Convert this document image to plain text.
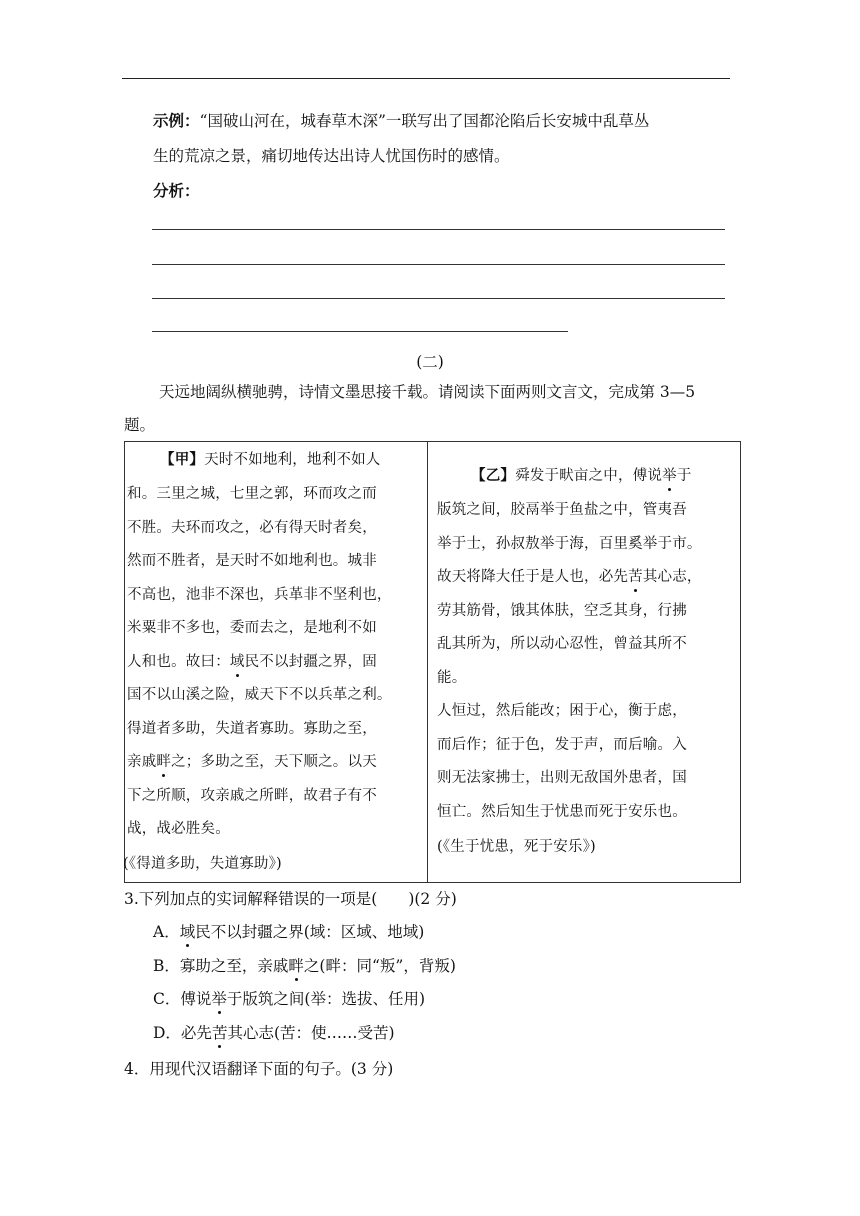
示例：“国破山河在，城春草木深”一联写出了国都沦陷后长安城中乱草丛
生的荒凉之景，痛切地传达出诗人忧国伤时的感情。
分析：
(二)
天远地阔纵横驰骋，诗情文墨思接千载。请阅读下面两则文言文，完成第 3—5
题。
【甲】天时不如地利，地利不如人
和。三里之城，七里之郭，环而攻之而
不胜。夫环而攻之，必有得天时者矣，
然而不胜者，是天时不如地利也。城非
不高也，池非不深也，兵革非不坚利也，
米粟非不多也，委而去之，是地利不如
人和也。故曰：域民不以封疆之界，固
国不以山溪之险，威天下不以兵革之利。
得道者多助，失道者寡助。寡助之至，
亲戚畔之；多助之至，天下顺之。以天
下之所顺，攻亲戚之所畔，故君子有不
战，战必胜矣。
(《得道多助，失道寡助》)

【乙】舜发于畎亩之中，傅说举于
版筑之间，胶鬲举于鱼盐之中，管夷吾
举于士，孙叔敖举于海，百里奚举于市。
故天将降大任于是人也，必先苦其心志，
劳其筋骨，饿其体肤，空乏其身，行拂
乱其所为，所以动心忍性，曾益其所不
能。
人恒过，然后能改；困于心，衡于虑，
而后作；征于色，发于声，而后喻。入
则无法家拂士，出则无敌国外患者，国
恒亡。然后知生于忧患而死于安乐也。
(《生于忧患，死于安乐》)
3.下列加点的实词解释错误的一项是(　　)(2 分)
A．域民不以封疆之界(域：区域、地域)
B．寡助之至，亲戚畔之(畔：同“叛”，背叛)
C．傅说举于版筑之间(举：选拔、任用)
D．必先苦其心志(苦：使……受苦)
4．用现代汉语翻译下面的句子。(3 分)
